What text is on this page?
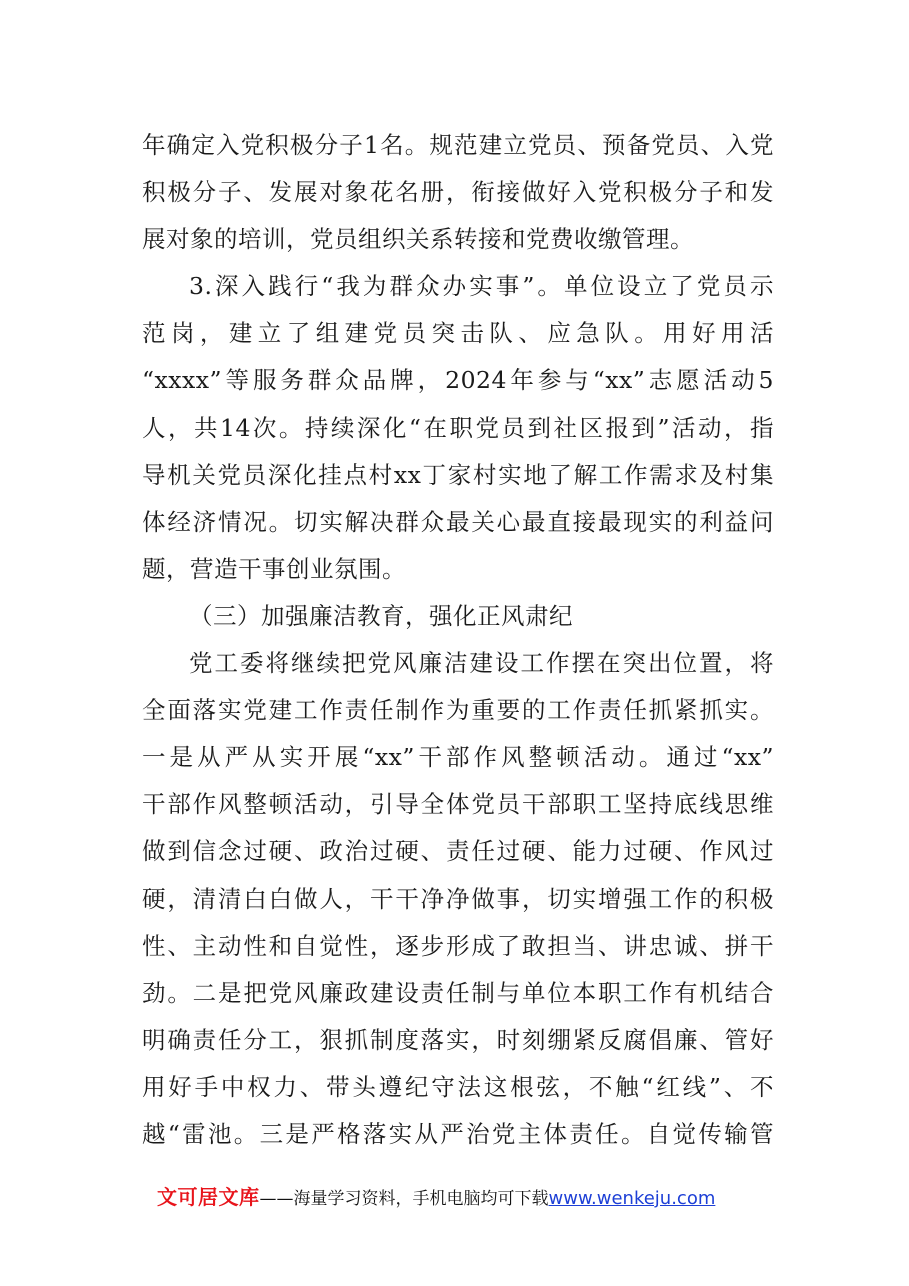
年确定入党积极分子1名。规范建立党员、预备党员、入党
积极分子、发展对象花名册，衔接做好入党积极分子和发
展对象的培训，党员组织关系转接和党费收缴管理。
3.深入践行“我为群众办实事”。单位设立了党员示
范岗，建立了组建党员突击队、应急队。用好用活
“xxxx”等服务群众品牌，2024年参与“xx”志愿活动5
人，共14次。持续深化“在职党员到社区报到”活动，指
导机关党员深化挂点村xx丁家村实地了解工作需求及村集
体经济情况。切实解决群众最关心最直接最现实的利益问
题，营造干事创业氛围。
（三）加强廉洁教育，强化正风肃纪
党工委将继续把党风廉洁建设工作摆在突出位置，将
全面落实党建工作责任制作为重要的工作责任抓紧抓实。
一是从严从实开展“xx”干部作风整顿活动。通过“xx”
干部作风整顿活动，引导全体党员干部职工坚持底线思维
做到信念过硬、政治过硬、责任过硬、能力过硬、作风过
硬，清清白白做人，干干净净做事，切实增强工作的积极
性、主动性和自觉性，逐步形成了敢担当、讲忠诚、拼干
劲。二是把党风廉政建设责任制与单位本职工作有机结合
明确责任分工，狠抓制度落实，时刻绷紧反腐倡廉、管好
用好手中权力、带头遵纪守法这根弦，不触“红线”、不
越“雷池。三是严格落实从严治党主体责任。自觉传输管
文可居文库——海量学习资料，手机电脑均可下载www.wenkeju.com
